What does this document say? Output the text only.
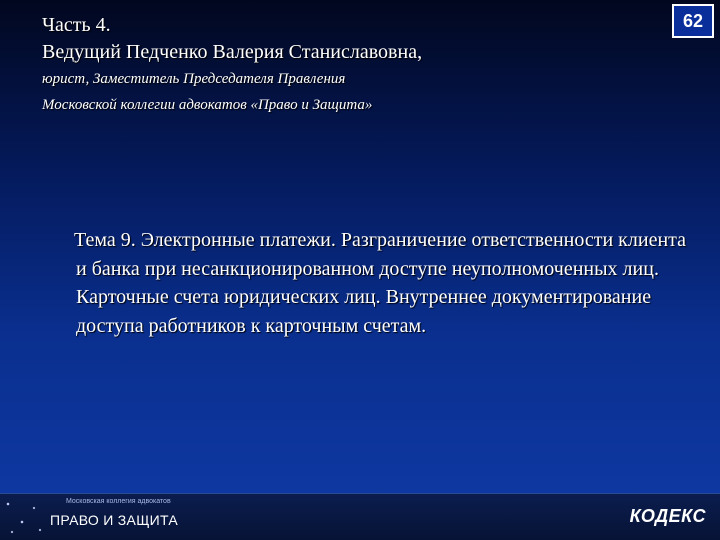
Часть 4.
Ведущий Педченко Валерия Станиславовна,
юрист, Заместитель Председателя Правления
Московской коллегии адвокатов «Право и Защита»
62
Тема 9. Электронные платежи. Разграничение ответственности клиента и банка при несанкционированном доступе неуполномоченных лиц. Карточные счета юридических лиц. Внутреннее документирование доступа работников к карточным счетам.
Московская коллегия адвокатов
ПРАВО И ЗАЩИТА	КОДЕКС
